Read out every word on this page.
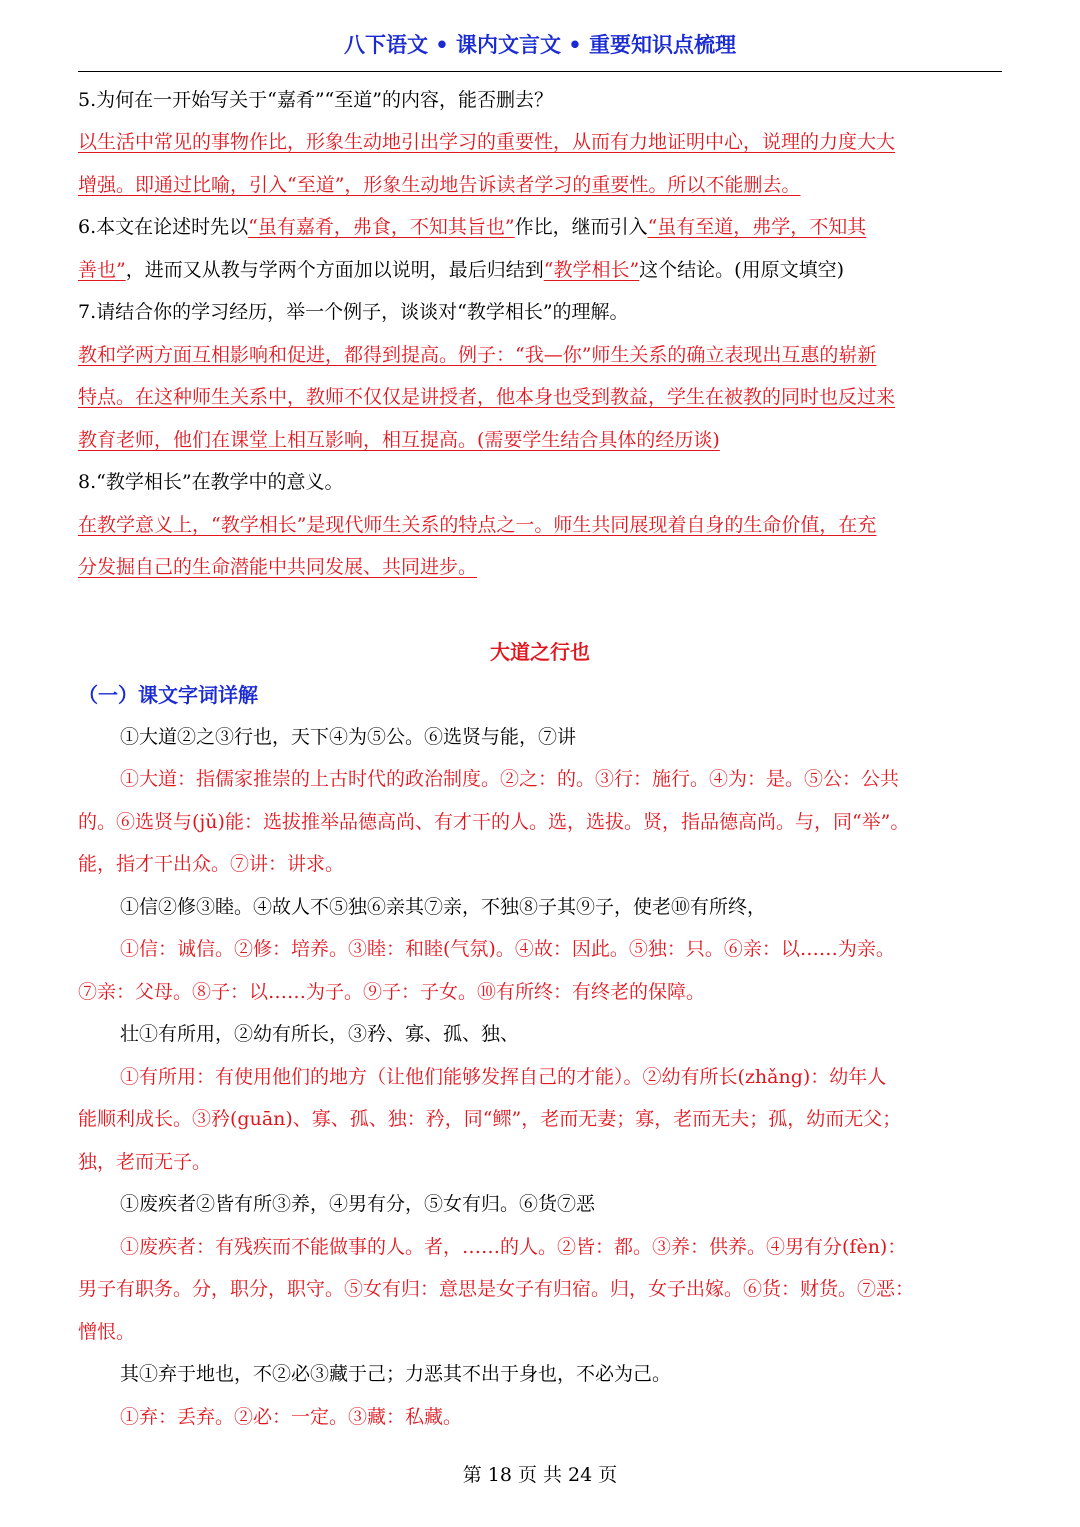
八下语文 • 课内文言文 • 重要知识点梳理
5.为何在一开始写关于“嘉肴”“至道”的内容，能否删去？
以生活中常见的事物作比，形象生动地引出学习的重要性，从而有力地证明中心，说理的力度大大
增强。即通过比喻，引入“至道”，形象生动地告诉读者学习的重要性。所以不能删去。
6.本文在论述时先以“虽有嘉肴，弗食，不知其旨也”作比，继而引入“虽有至道，弗学，不知其
善也”，进而又从教与学两个方面加以说明，最后归结到“教学相长”这个结论。(用原文填空)
7.请结合你的学习经历，举一个例子，谈谈对“教学相长”的理解。
教和学两方面互相影响和促进，都得到提高。例子：“我—你”师生关系的确立表现出互惠的崭新
特点。在这种师生关系中，教师不仅仅是讲授者，他本身也受到教益，学生在被教的同时也反过来
教育老师，他们在课堂上相互影响，相互提高。(需要学生结合具体的经历谈)
8.“教学相长”在教学中的意义。
在教学意义上，“教学相长”是现代师生关系的特点之一。师生共同展现着自身的生命价值，在充
分发掘自己的生命潜能中共同发展、共同进步。
大道之行也
（一）课文字词详解
①大道②之③行也，天下④为⑤公。⑥选贤与能，⑦讲
①大道：指儒家推崇的上古时代的政治制度。②之：的。③行：施行。④为：是。⑤公：公共
的。⑥选贤与(jǔ)能：选拔推举品德高尚、有才干的人。选，选拔。贤，指品德高尚。与，同“举”。
能，指才干出众。⑦讲：讲求。
①信②修③睦。④故人不⑤独⑥亲其⑦亲，不独⑧子其⑨子，使老⑩有所终，
①信：诚信。②修：培养。③睦：和睦(气氛)。④故：因此。⑤独：只。⑥亲：以……为亲。
⑦亲：父母。⑧子：以……为子。⑨子：子女。⑩有所终：有终老的保障。
壮①有所用，②幼有所长，③矜、寡、孤、独、
①有所用：有使用他们的地方（让他们能够发挥自己的才能）。②幼有所长(zhǎng)：幼年人
能顺利成长。③矜(guān)、寡、孤、独：矜，同“鳏”，老而无妻；寡，老而无夫；孤，幼而无父；
独，老而无子。
①废疾者②皆有所③养，④男有分，⑤女有归。⑥货⑦恶
①废疾者：有残疾而不能做事的人。者，……的人。②皆：都。③养：供养。④男有分(fèn)：
男子有职务。分，职分，职守。⑤女有归：意思是女子有归宿。归，女子出嫁。⑥货：财货。⑦恶：
憎恨。
其①弃于地也，不②必③藏于己；力恶其不出于身也，不必为己。
①弃：丢弃。②必：一定。③藏：私藏。
第 18 页 共 24 页
